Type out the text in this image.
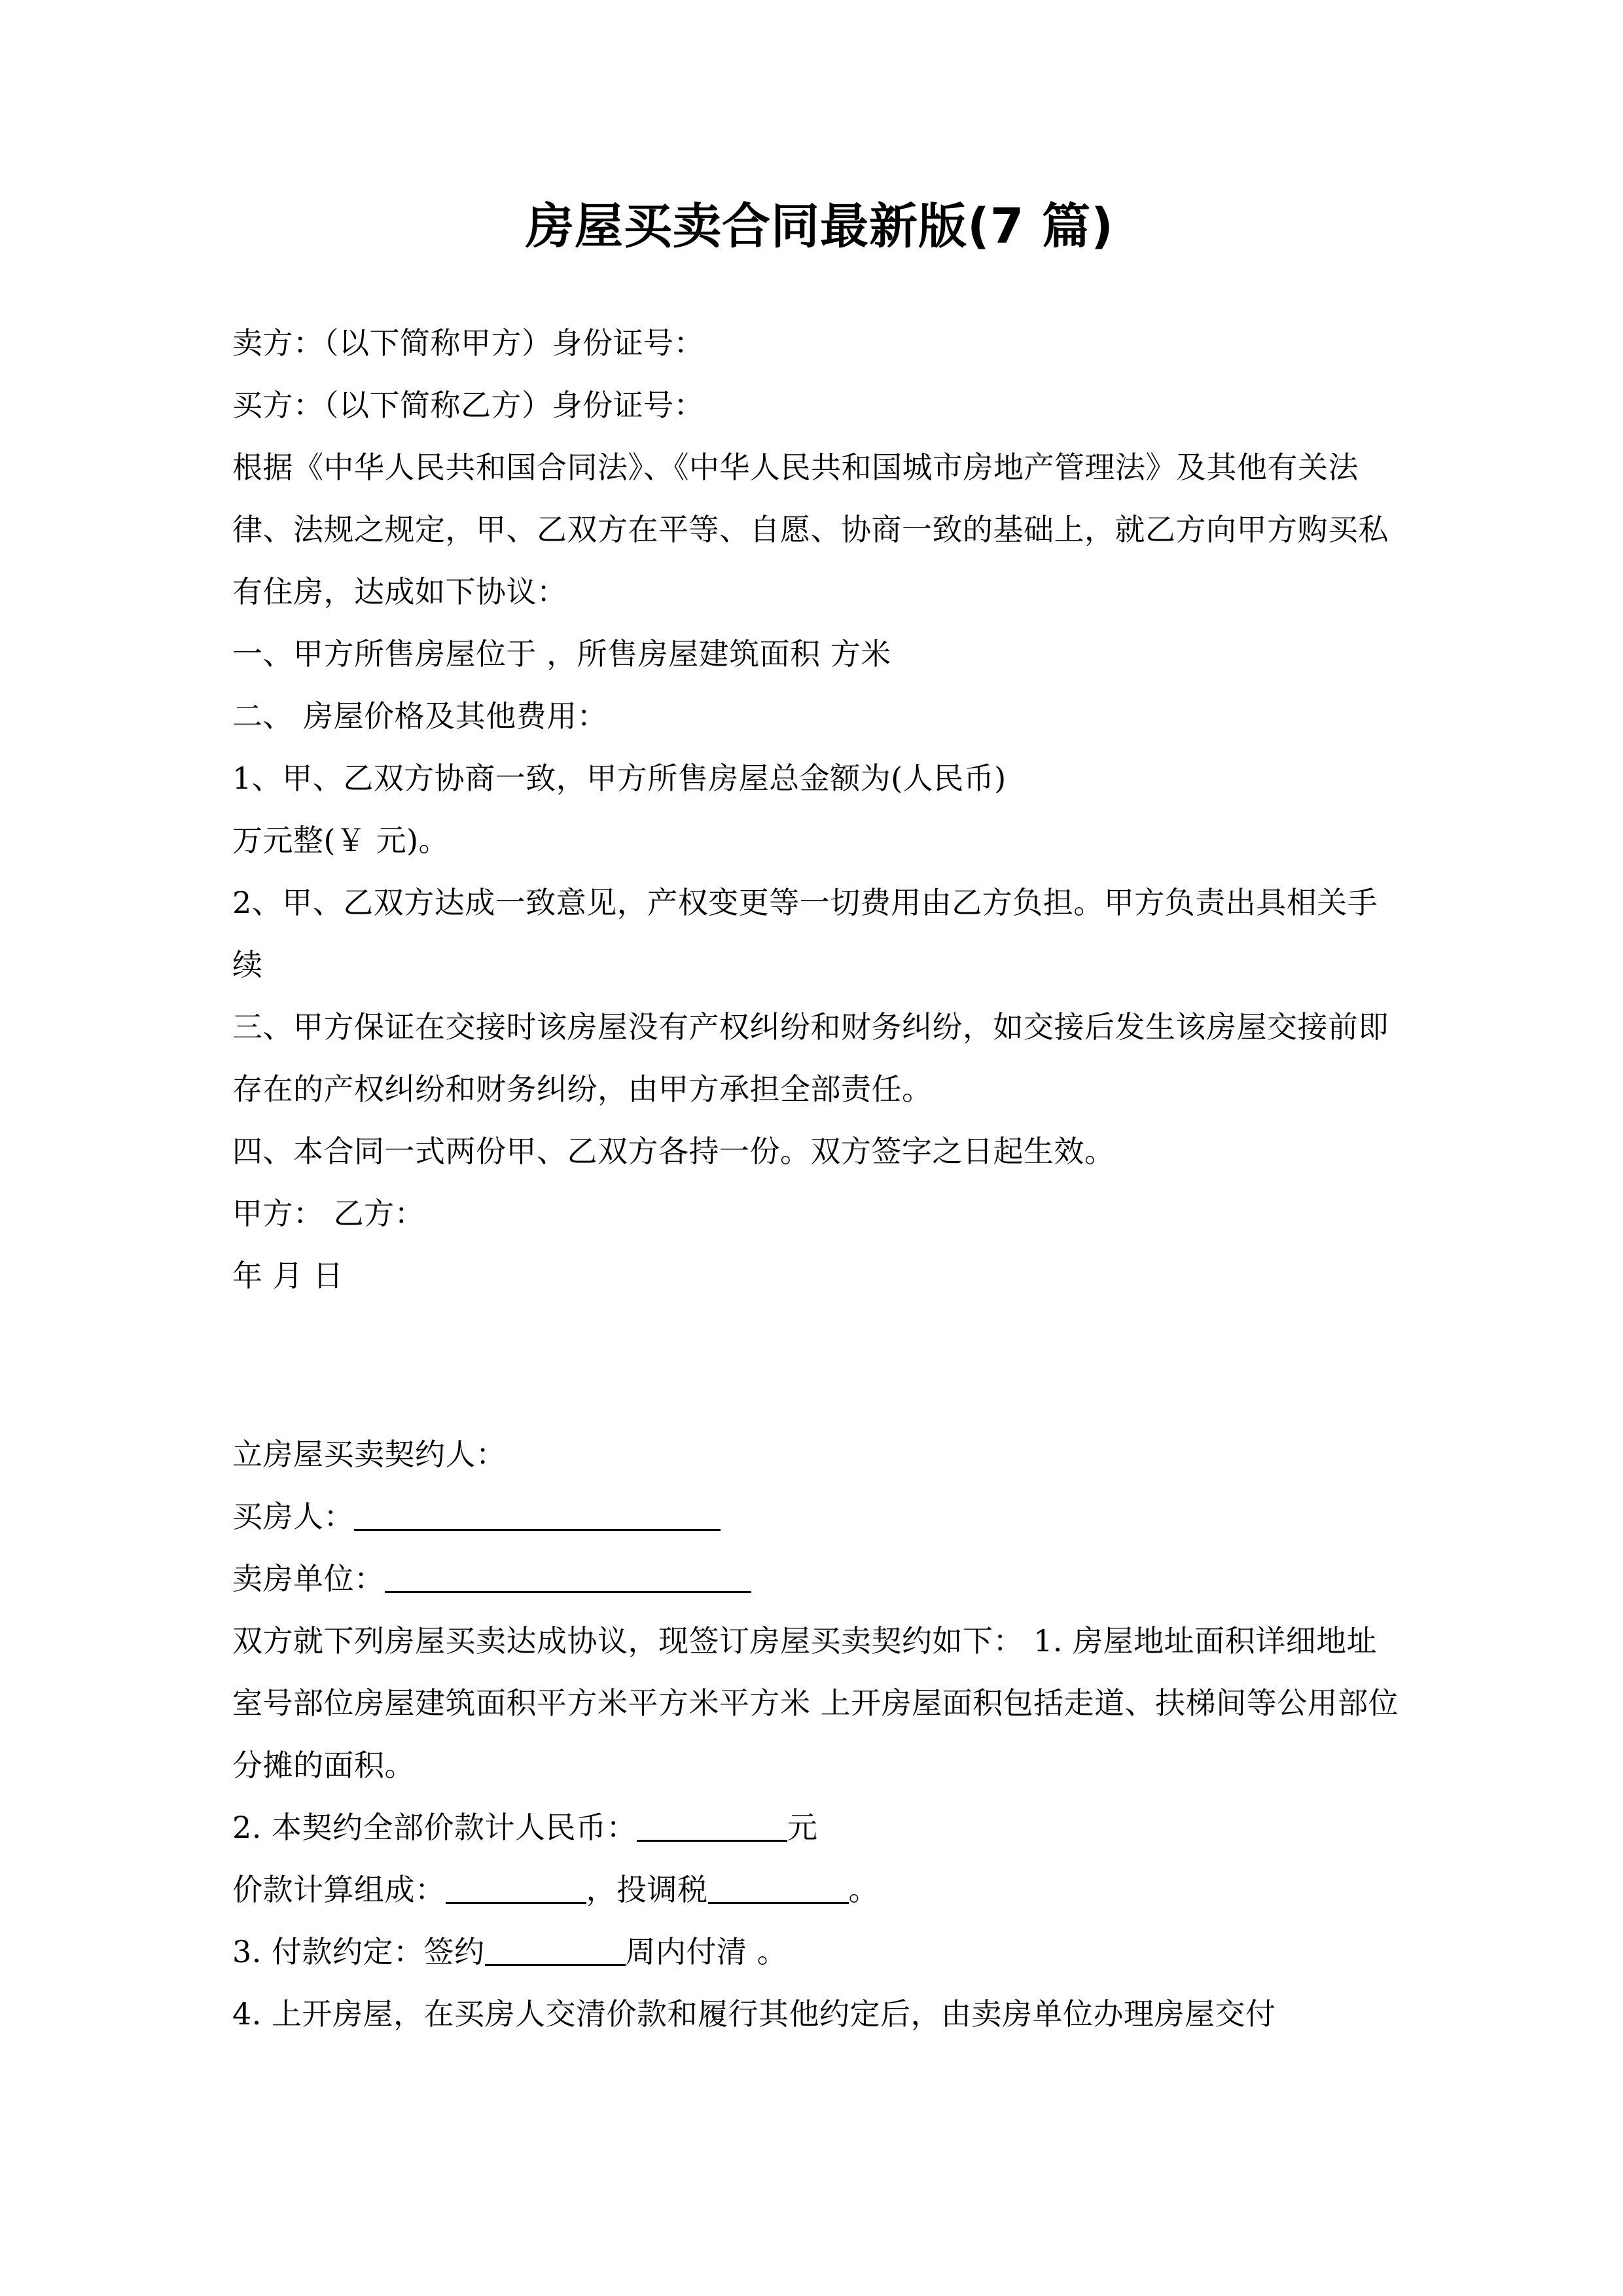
房屋买卖合同最新版(7 篇)

卖方：（以下简称甲方）身份证号：

买方：（以下简称乙方）身份证号：

根据《中华人民共和国合同法》、《中华人民共和国城市房地产管理法》及其他有关法律、法规之规定，甲、乙双方在平等、自愿、协商一致的基础上，就乙方向甲方购买私有住房，达成如下协议：

一、甲方所售房屋位于 ，所售房屋建筑面积 方米

二、 房屋价格及其他费用：

1、甲、乙双方协商一致，甲方所售房屋总金额为(人民币)

万元整(￥ 元)。

2、甲、乙双方达成一致意见，产权变更等一切费用由乙方负担。甲方负责出具相关手续

三、甲方保证在交接时该房屋没有产权纠纷和财务纠纷，如交接后发生该房屋交接前即存在的产权纠纷和财务纠纷，由甲方承担全部责任。

四、本合同一式两份甲、乙双方各持一份。双方签字之日起生效。

甲方： 乙方：

年 月 日

立房屋买卖契约人：

买房人：

卖房单位：

双方就下列房屋买卖达成协议，现签订房屋买卖契约如下： 1. 房屋地址面积详细地址室号部位房屋建筑面积平方米平方米平方米 上开房屋面积包括走道、扶梯间等公用部位分摊的面积。

2. 本契约全部价款计人民币：	元

价款计算组成：	，投调税	。

3. 付款约定：签约	周内付清 。

4. 上开房屋，在买房人交清价款和履行其他约定后，由卖房单位办理房屋交付
